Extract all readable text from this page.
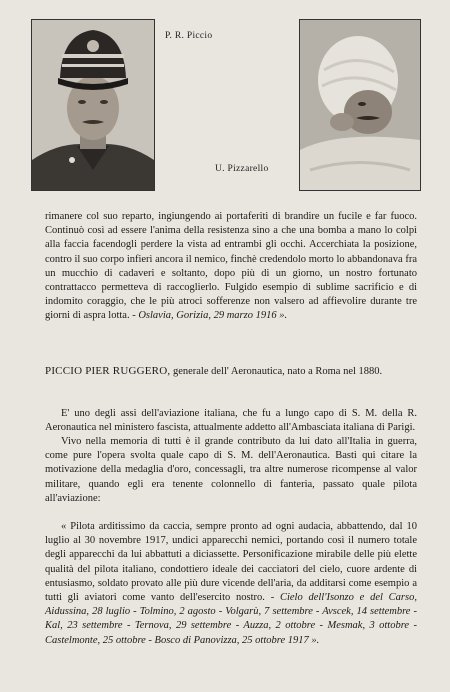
P. R. Piccio
U. Pizzarello
rimanere col suo reparto, ingiungendo ai portaferiti di brandire un fucile e far fuoco. Continuò così ad essere l'anima della resistenza sino a che una bomba a mano lo colpì alla faccia facendogli perdere la vista ad entrambi gli occhi. Accerchiata la posizione, contro il suo corpo infierì ancora il nemico, finchè credendolo morto lo abbandonava fra un mucchio di cadaveri e soltanto, dopo più di un giorno, un nostro fortunato contrattacco permetteva di raccoglierlo. Fulgido esempio di sublime sacrificio e di indomito coraggio, che le più atroci sofferenze non valsero ad affievolire durante tre giorni di aspra lotta. - Oslavia, Gorizia, 29 marzo 1916 ».
PICCIO PIER RUGGERO, generale dell' Aeronautica, nato a Roma nel 1880.
E' uno degli assi dell'aviazione italiana, che fu a lungo capo di S. M. della R. Aeronautica nel ministero fascista, attualmente addetto all'Ambasciata italiana di Parigi.
Vivo nella memoria di tutti è il grande contributo da lui dato all'Italia in guerra, come pure l'opera svolta quale capo di S. M. dell'Aeronautica. Basti qui citare la motivazione della medaglia d'oro, concessagli, tra altre numerose ricompense al valor militare, quando egli era tenente colonnello di fanteria, passato quale pilota all'aviazione:
« Pilota arditissimo da caccia, sempre pronto ad ogni audacia, abbattendo, dal 10 luglio al 30 novembre 1917, undici apparecchi nemici, portando così il numero totale degli apparecchi da lui abbattuti a diciassette. Personificazione mirabile delle più elette qualità del pilota italiano, condottiero ideale dei cacciatori del cielo, cuore ardente di entusiasmo, soldato provato alle più dure vicende dell'aria, da additarsi come esempio a tutti gli aviatori come vanto dell'esercito nostro. - Cielo dell'Isonzo e del Carso, Aidussina, 28 luglio - Tolmino, 2 agosto - Volgarù, 7 settembre - Avscek, 14 settembre - Kal, 23 settembre - Ternova, 29 settembre - Auzza, 2 ottobre - Mesmak, 3 ottobre - Castelmonte, 25 ottobre - Bosco di Panovizza, 25 ottobre 1917 ».
